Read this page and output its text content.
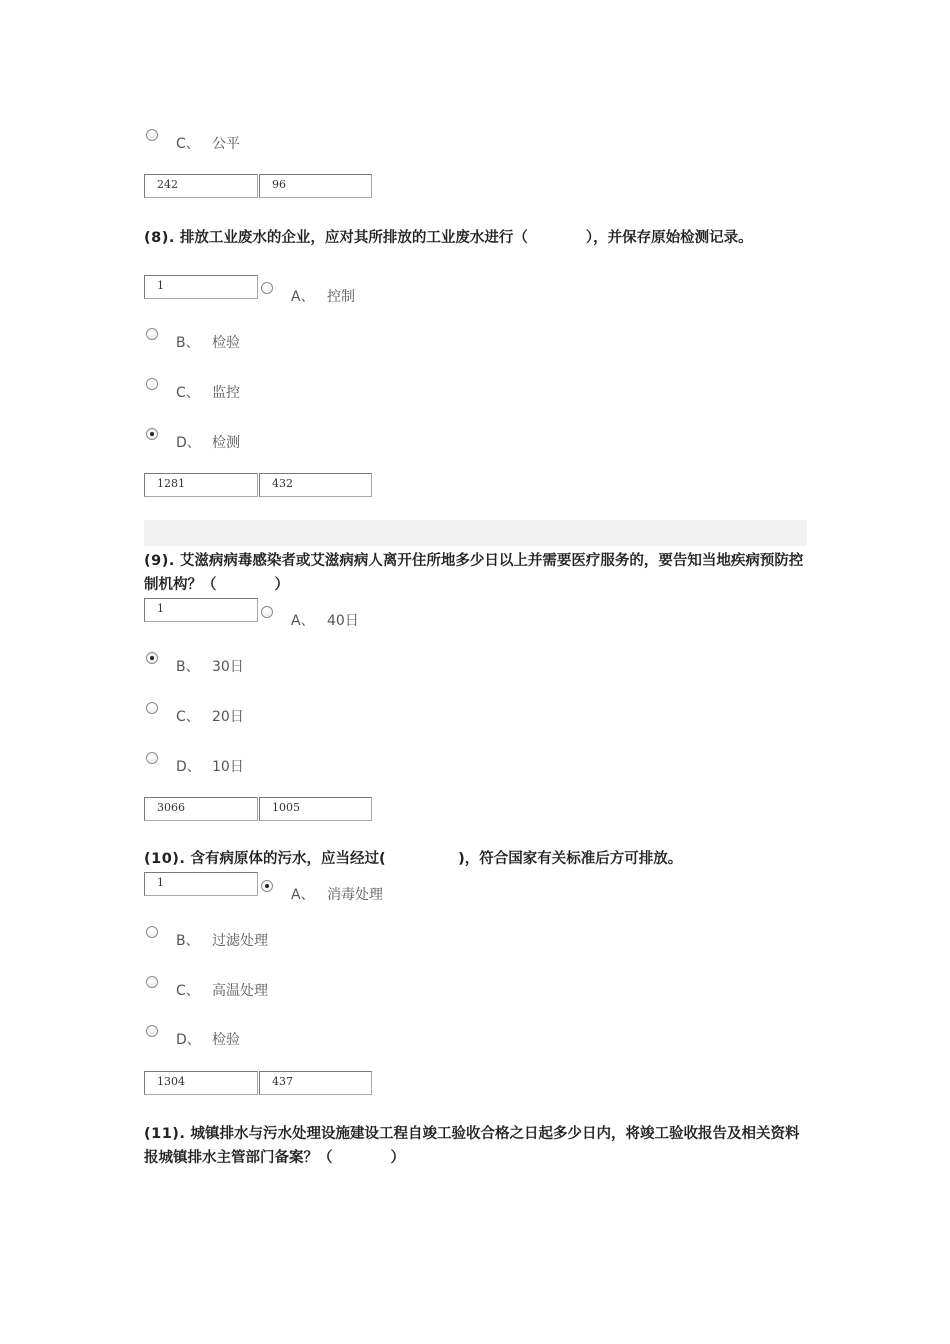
C、 公平
242	96
(8). 排放工业废水的企业，应对其所排放的工业废水进行（　　　　），并保存原始检测记录。
1
A、 控制
B、 检验
C、 监控
D、 检测
1281	432
(9). 艾滋病病毒感染者或艾滋病病人离开住所地多少日以上并需要医疗服务的，要告知当地疾病预防控制机构？（　　　　）
1
A、 40日
B、 30日
C、 20日
D、 10日
3066	1005
(10). 含有病原体的污水，应当经过(　　　　　)，符合国家有关标准后方可排放。
1
A、 消毒处理
B、 过滤处理
C、 高温处理
D、 检验
1304	437
(11). 城镇排水与污水处理设施建设工程自竣工验收合格之日起多少日内，将竣工验收报告及相关资料报城镇排水主管部门备案？（　　　　）
